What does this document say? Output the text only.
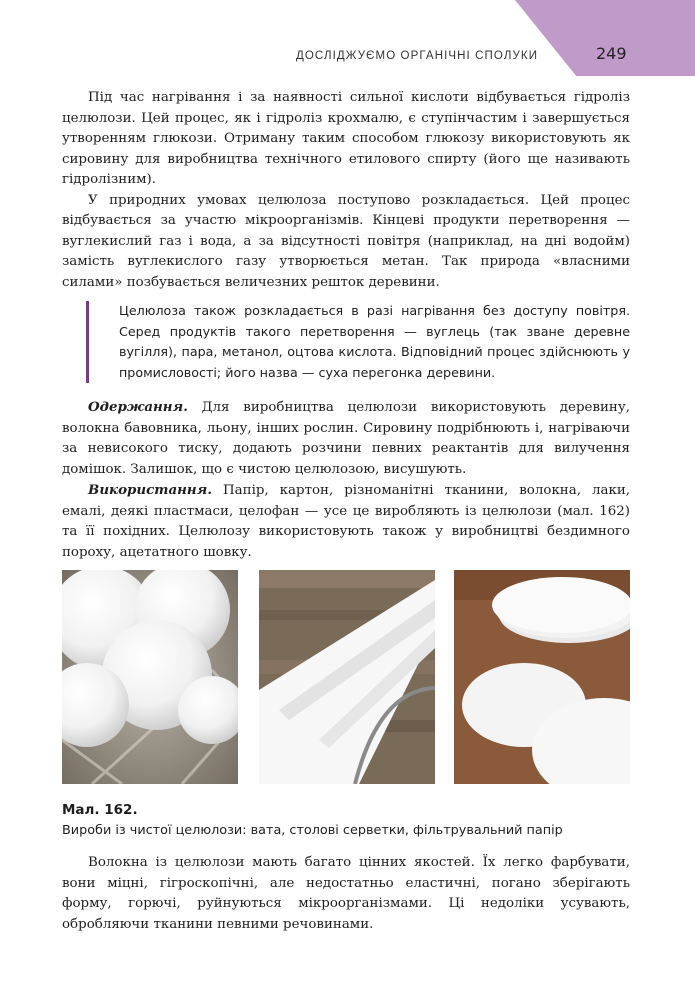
249
ДОСЛІДЖУЄМО ОРГАНІЧНІ СПОЛУКИ

Під час нагрівання і за наявності сильної кислоти відбувається гідроліз целюлози. Цей процес, як і гідроліз крохмалю, є ступінчастим і завершується утворенням глюкози. Отриману таким способом глюкозу використовують як сировину для виробництва технічного етилового спирту (його ще називають гідролізним).

У природних умовах целюлоза поступово розкладається. Цей процес відбувається за участю мікроорганізмів. Кінцеві продукти перетворення — вуглекислий газ і вода, а за відсутності повітря (наприклад, на дні водойм) замість вуглекислого газу утворюється метан. Так природа «власними силами» позбувається величезних решток деревини.

Целюлоза також розкладається в разі нагрівання без доступу повітря. Серед продуктів такого перетворення — вуглець (так зване деревне вугілля), пара, метанол, оцтова кислота. Відповідний процес здійснюють у промисловості; його назва — суха перегонка деревини.

Одержання. Для виробництва целюлози використовують деревину, волокна бавовника, льону, інших рослин. Сировину подрібнюють і, нагріваючи за невисокого тиску, додають розчини певних реактантів для вилучення домішок. Залишок, що є чистою целюлозою, висушують.

Використання. Папір, картон, різноманітні тканини, волокна, лаки, емалі, деякі пластмаси, целофан — усе це виробляють із целюлози (мал. 162) та її похідних. Целюлозу використовують також у виробництві бездимного пороху, ацетатного шовку.

Мал. 162.
Вироби із чистої целюлози: вата, столові серветки, фільтрувальний папір

Волокна із целюлози мають багато цінних якостей. Їх легко фарбувати, вони міцні, гігроскопічні, але недостатньо еластичні, погано зберігають форму, горючі, руйнуються мікроорганізмами. Ці недоліки усувають, обробляючи тканини певними речовинами.
